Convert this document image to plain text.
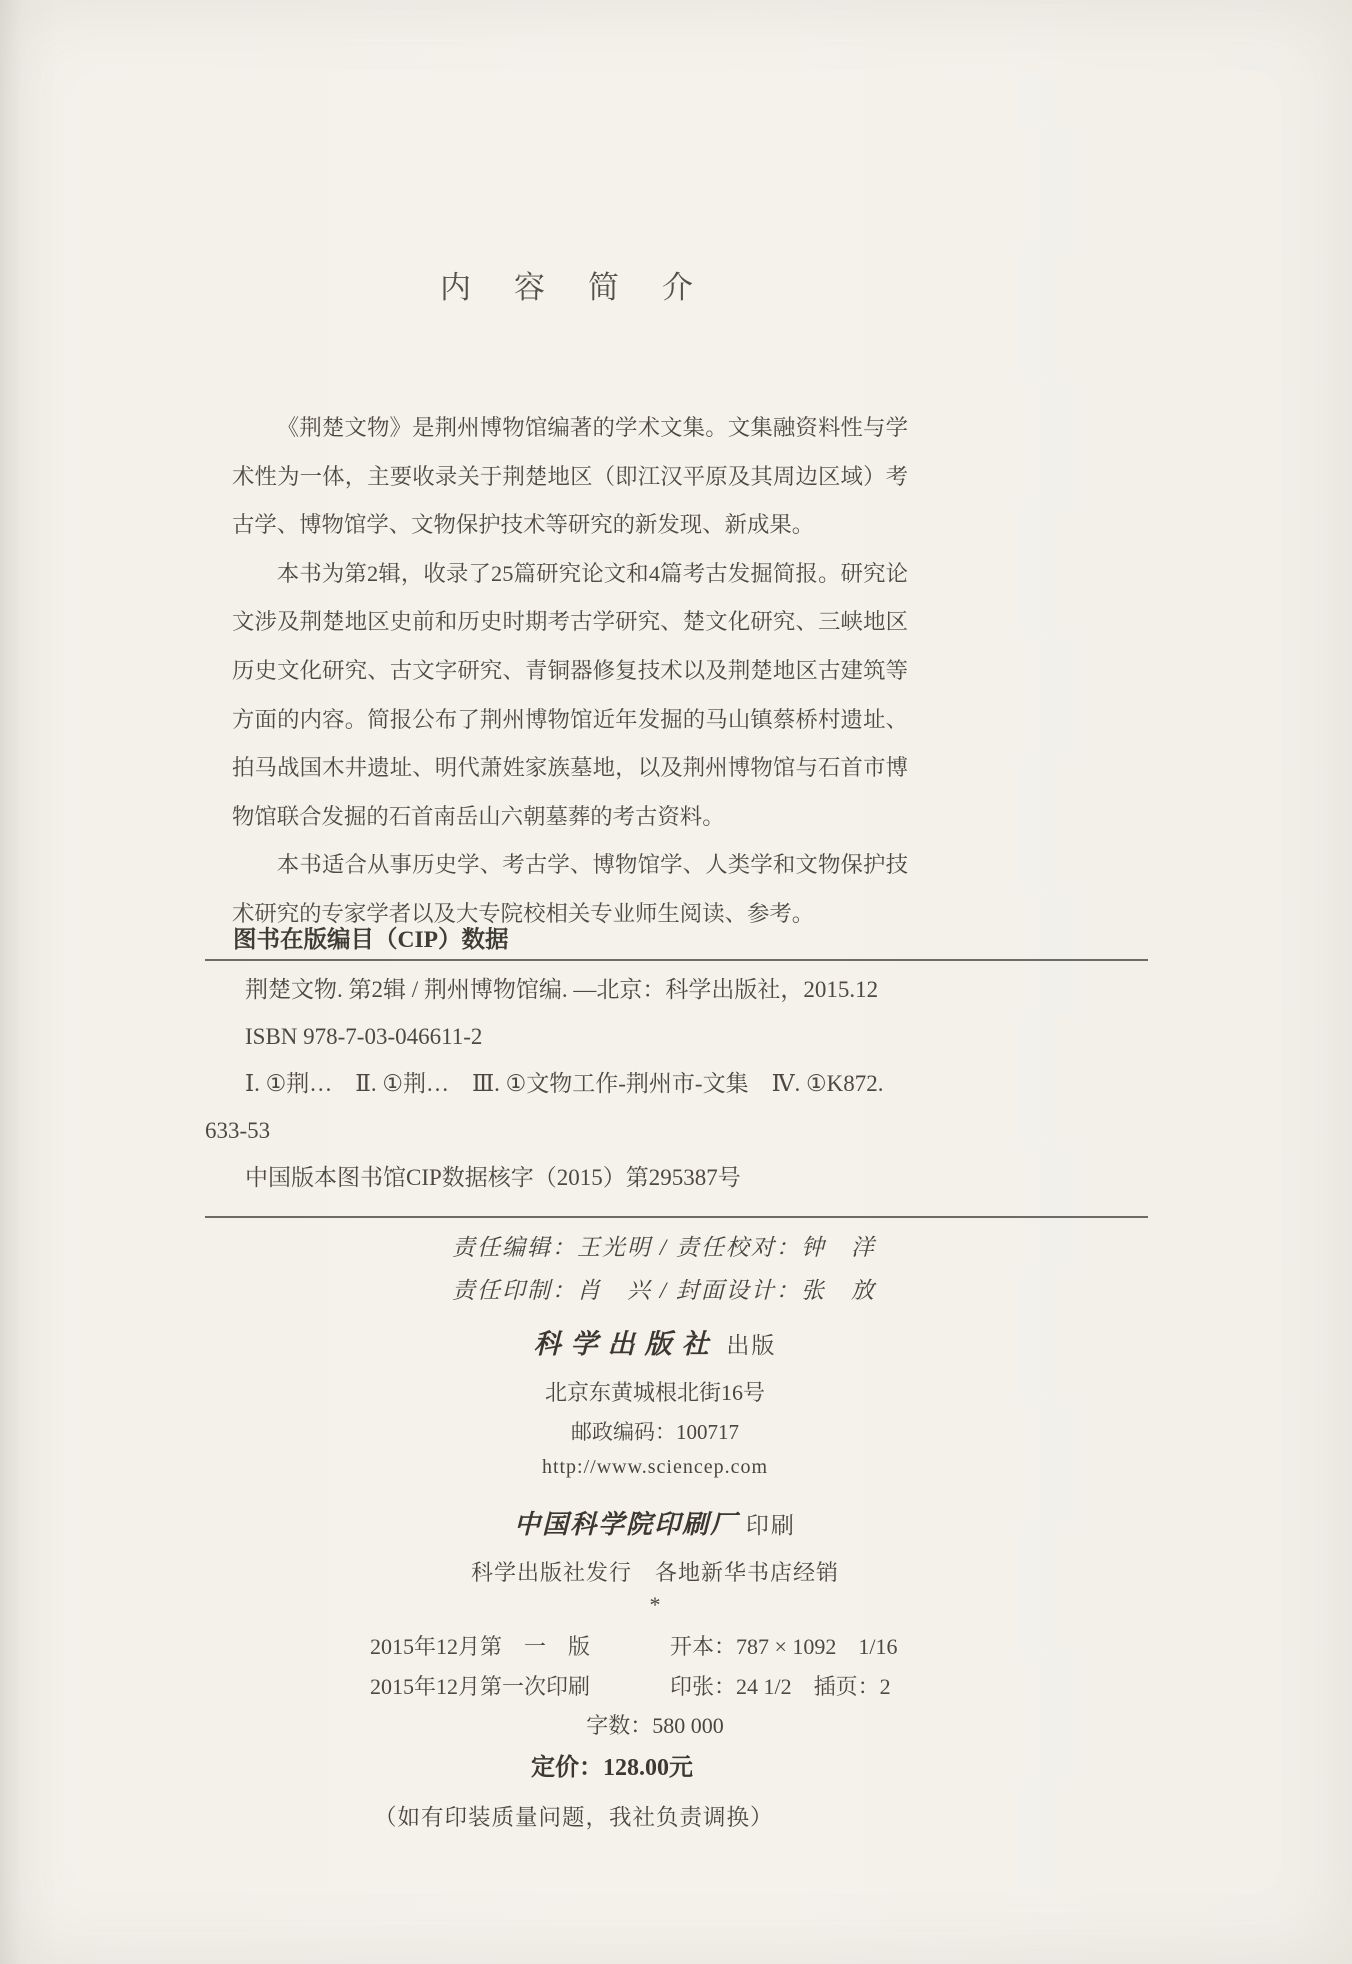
内　容　简　介

《荆楚文物》是荆州博物馆编著的学术文集。文集融资料性与学术性为一体，主要收录关于荆楚地区（即江汉平原及其周边区域）考古学、博物馆学、文物保护技术等研究的新发现、新成果。

本书为第2辑，收录了25篇研究论文和4篇考古发掘简报。研究论文涉及荆楚地区史前和历史时期考古学研究、楚文化研究、三峡地区历史文化研究、古文字研究、青铜器修复技术以及荆楚地区古建筑等方面的内容。简报公布了荆州博物馆近年发掘的马山镇蔡桥村遗址、拍马战国木井遗址、明代萧姓家族墓地，以及荆州博物馆与石首市博物馆联合发掘的石首南岳山六朝墓葬的考古资料。

本书适合从事历史学、考古学、博物馆学、人类学和文物保护技术研究的专家学者以及大专院校相关专业师生阅读、参考。

图书在版编目（CIP）数据
荆楚文物. 第2辑 / 荆州博物馆编. —北京：科学出版社，2015.12
ISBN 978-7-03-046611-2
Ⅰ. ①荆…　Ⅱ. ①荆…　Ⅲ. ①文物工作-荆州市-文集　Ⅳ. ①K872.
633-53
中国版本图书馆CIP数据核字（2015）第295387号
责任编辑：王光明 / 责任校对：钟　洋
责任印制：肖　兴 / 封面设计：张　放
科学出版社 出版
北京东黄城根北街16号
邮政编码：100717
http://www.sciencep.com
中国科学院印刷厂 印刷
科学出版社发行　各地新华书店经销
*
2015年12月第　一　版	开本：787 × 1092　1/16
2015年12月第一次印刷	印张：24 1/2　插页：2
字数：580 000
定价：128.00元
（如有印装质量问题，我社负责调换）
